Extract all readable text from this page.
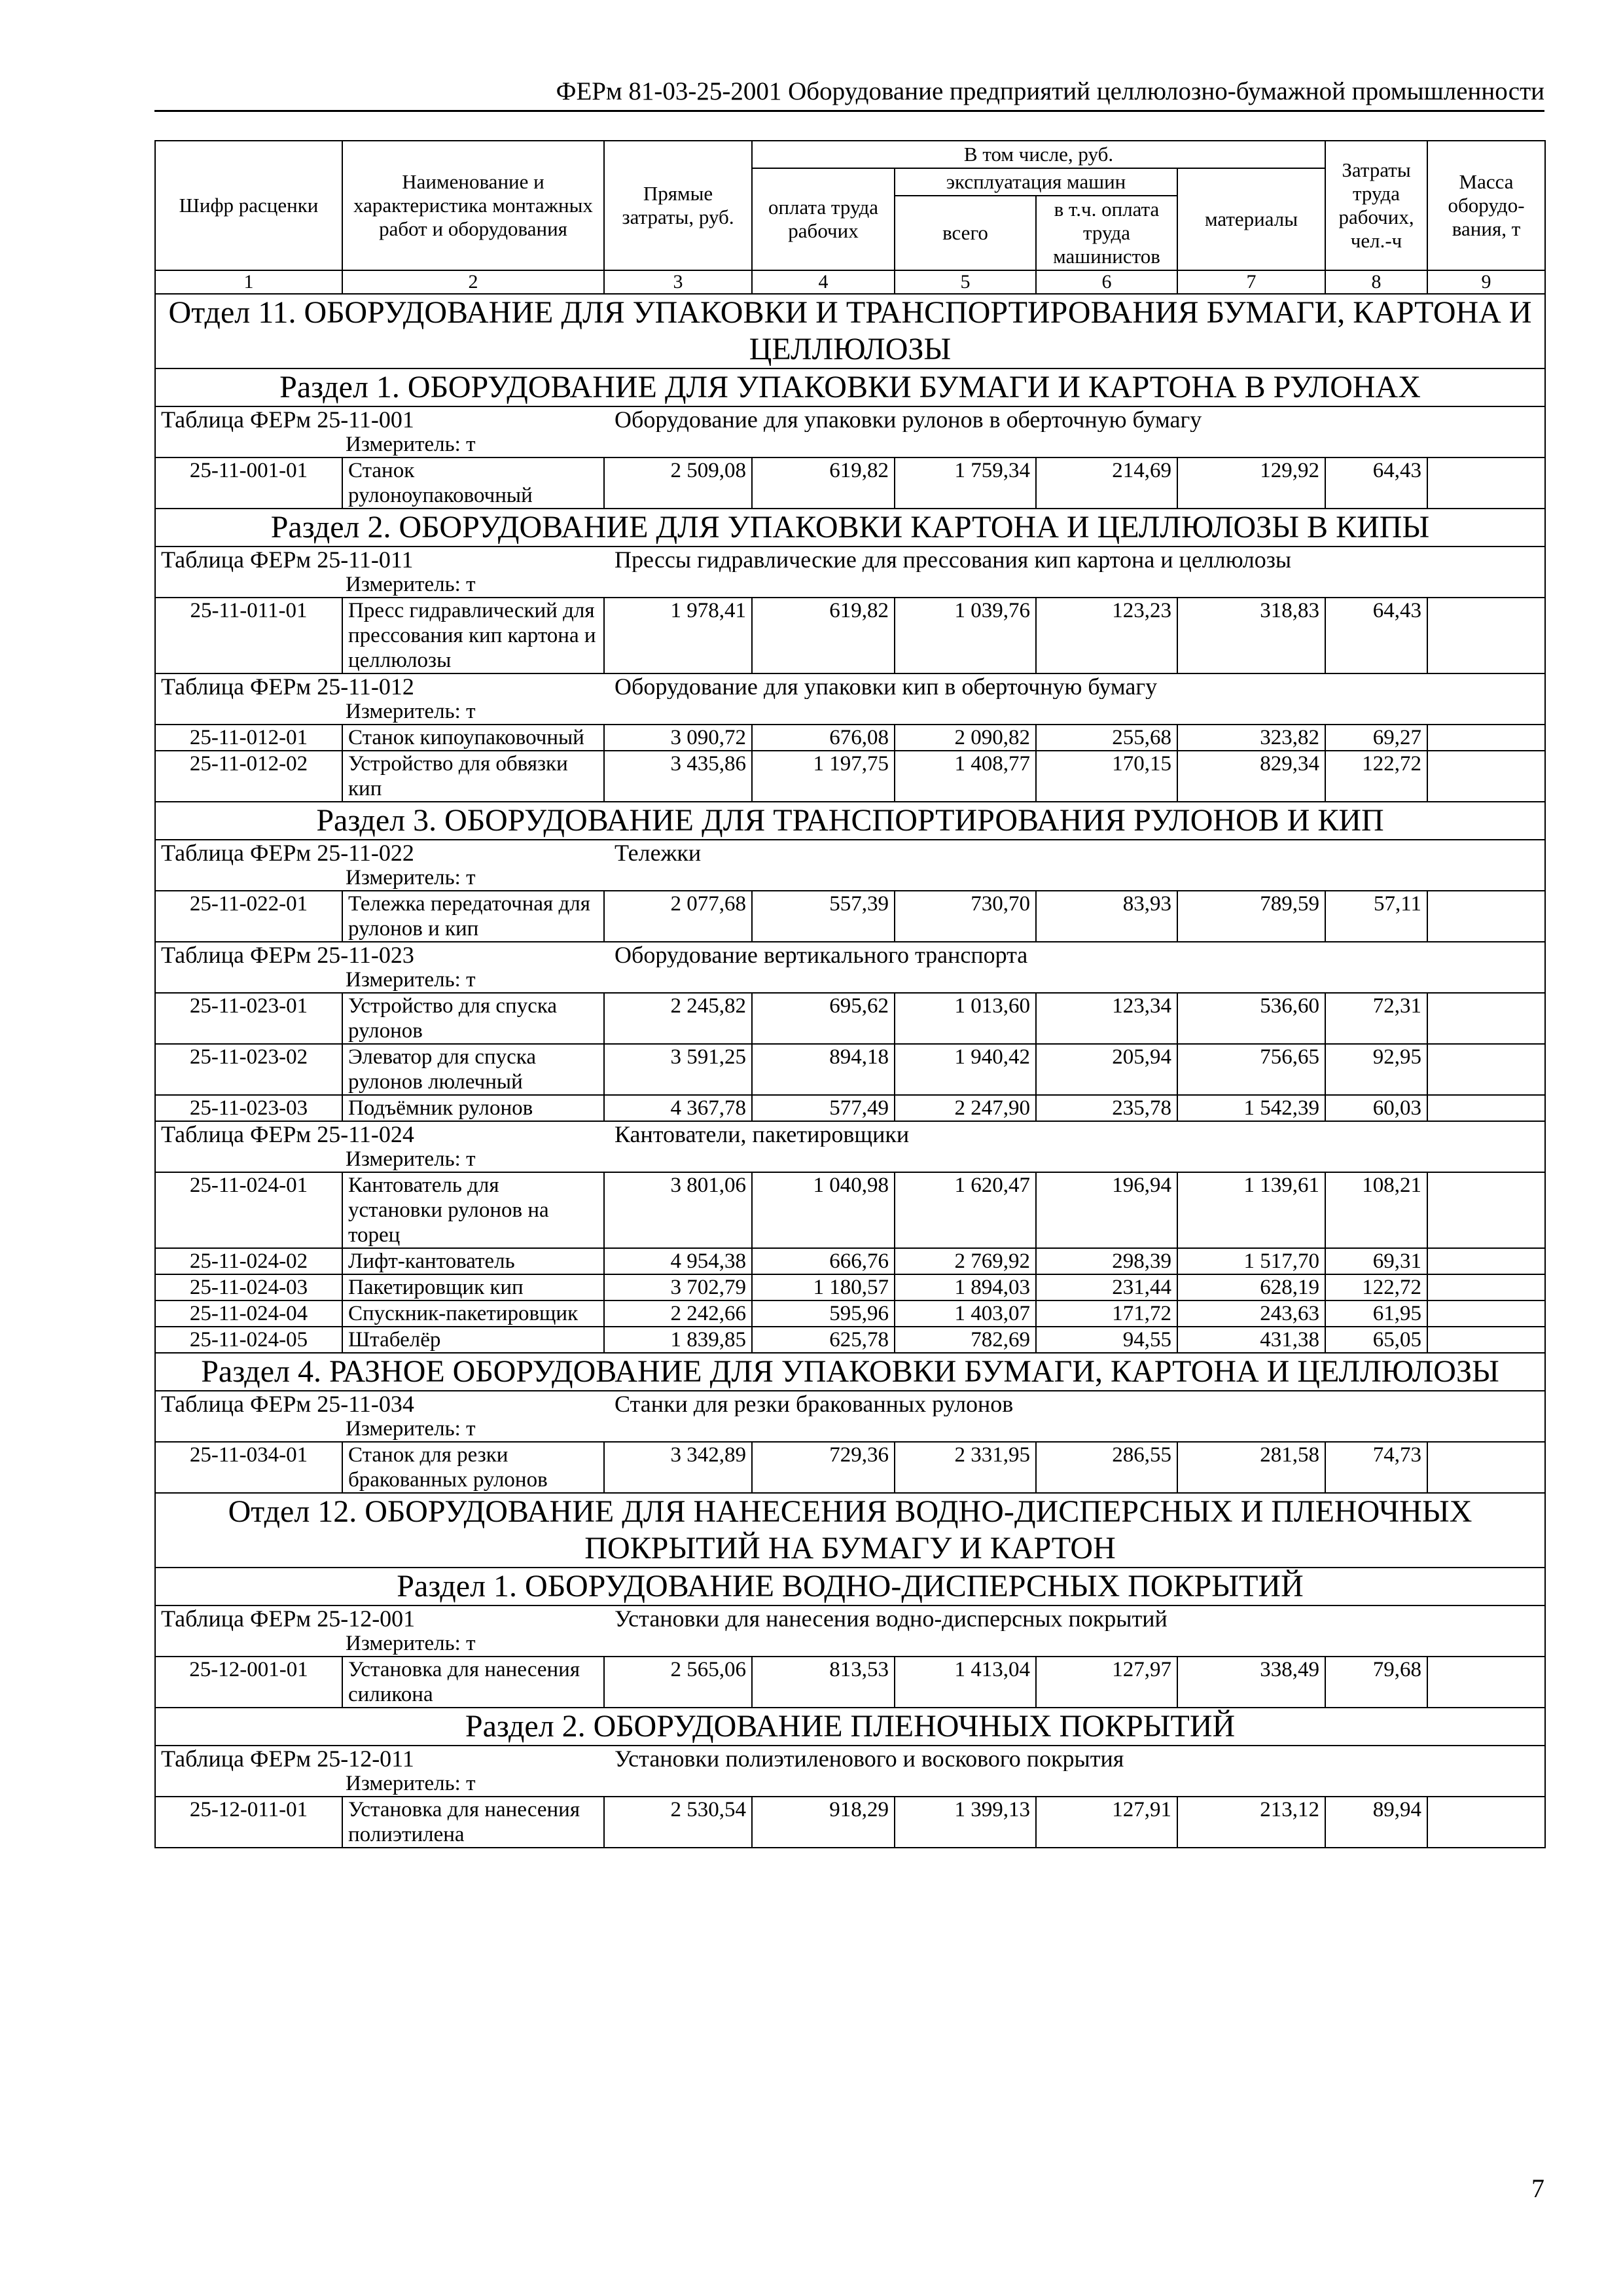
ФЕРм 81-03-25-2001 Оборудование предприятий целлюлозно-бумажной промышленности
Шифр расценки	Наименование и характеристика монтажных работ и оборудования	Прямые затраты, руб.	В том числе, руб.				Затраты труда рабочих, чел.-ч	Масса оборудо-вания, т
			оплата труда рабочих	эксплуатация машин		материалы		
				всего	в т.ч. оплата труда машинистов			
1	2	3	4	5	6	7	8	9
Отдел 11. ОБОРУДОВАНИЕ ДЛЯ УПАКОВКИ И ТРАНСПОРТИРОВАНИЯ БУМАГИ, КАРТОНА И ЦЕЛЛЮЛОЗЫ								
Раздел 1. ОБОРУДОВАНИЕ ДЛЯ УПАКОВКИ БУМАГИ И КАРТОНА В РУЛОНАХ								
Таблица ФЕРм 25-11-001		Оборудование для упаковки рулонов в оберточную бумагу						
Измеритель: т								
25-11-001-01	Станок рулоноупаковочный	2 509,08	619,82	1 759,34	214,69	129,92	64,43	
Раздел 2. ОБОРУДОВАНИЕ ДЛЯ УПАКОВКИ КАРТОНА И ЦЕЛЛЮЛОЗЫ В КИПЫ								
Таблица ФЕРм 25-11-011		Прессы гидравлические для прессования кип картона и целлюлозы						
Измеритель: т								
25-11-011-01	Пресс гидравлический для прессования кип картона и целлюлозы	1 978,41	619,82	1 039,76	123,23	318,83	64,43	
Таблица ФЕРм 25-11-012		Оборудование для упаковки кип в оберточную бумагу						
Измеритель: т								
25-11-012-01	Станок кипоупаковочный	3 090,72	676,08	2 090,82	255,68	323,82	69,27	
25-11-012-02	Устройство для обвязки кип	3 435,86	1 197,75	1 408,77	170,15	829,34	122,72	
Раздел 3. ОБОРУДОВАНИЕ ДЛЯ ТРАНСПОРТИРОВАНИЯ РУЛОНОВ И КИП								
Таблица ФЕРм 25-11-022		Тележки						
Измеритель: т								
25-11-022-01	Тележка передаточная для рулонов и кип	2 077,68	557,39	730,70	83,93	789,59	57,11	
Таблица ФЕРм 25-11-023		Оборудование вертикального транспорта						
Измеритель: т								
25-11-023-01	Устройство для спуска рулонов	2 245,82	695,62	1 013,60	123,34	536,60	72,31	
25-11-023-02	Элеватор для спуска рулонов люлечный	3 591,25	894,18	1 940,42	205,94	756,65	92,95	
25-11-023-03	Подъёмник рулонов	4 367,78	577,49	2 247,90	235,78	1 542,39	60,03	
Таблица ФЕРм 25-11-024		Кантователи, пакетировщики						
Измеритель: т								
25-11-024-01	Кантователь для установки рулонов на торец	3 801,06	1 040,98	1 620,47	196,94	1 139,61	108,21	
25-11-024-02	Лифт-кантователь	4 954,38	666,76	2 769,92	298,39	1 517,70	69,31	
25-11-024-03	Пакетировщик кип	3 702,79	1 180,57	1 894,03	231,44	628,19	122,72	
25-11-024-04	Спускник-пакетировщик	2 242,66	595,96	1 403,07	171,72	243,63	61,95	
25-11-024-05	Штабелёр	1 839,85	625,78	782,69	94,55	431,38	65,05	
Раздел 4. РАЗНОЕ ОБОРУДОВАНИЕ ДЛЯ УПАКОВКИ БУМАГИ, КАРТОНА И ЦЕЛЛЮЛОЗЫ								
Таблица ФЕРм 25-11-034		Станки для резки бракованных рулонов						
Измеритель: т								
25-11-034-01	Станок для резки бракованных рулонов	3 342,89	729,36	2 331,95	286,55	281,58	74,73	
Отдел 12. ОБОРУДОВАНИЕ ДЛЯ НАНЕСЕНИЯ ВОДНО-ДИСПЕРСНЫХ И ПЛЕНОЧНЫХ ПОКРЫТИЙ НА БУМАГУ И КАРТОН								
Раздел 1. ОБОРУДОВАНИЕ ВОДНО-ДИСПЕРСНЫХ ПОКРЫТИЙ								
Таблица ФЕРм 25-12-001		Установки для нанесения водно-дисперсных покрытий						
Измеритель: т								
25-12-001-01	Установка для нанесения силикона	2 565,06	813,53	1 413,04	127,97	338,49	79,68	
Раздел 2. ОБОРУДОВАНИЕ ПЛЕНОЧНЫХ ПОКРЫТИЙ								
Таблица ФЕРм 25-12-011		Установки полиэтиленового и воскового покрытия						
Измеритель: т								
25-12-011-01	Установка для нанесения полиэтилена	2 530,54	918,29	1 399,13	127,91	213,12	89,94	
7
